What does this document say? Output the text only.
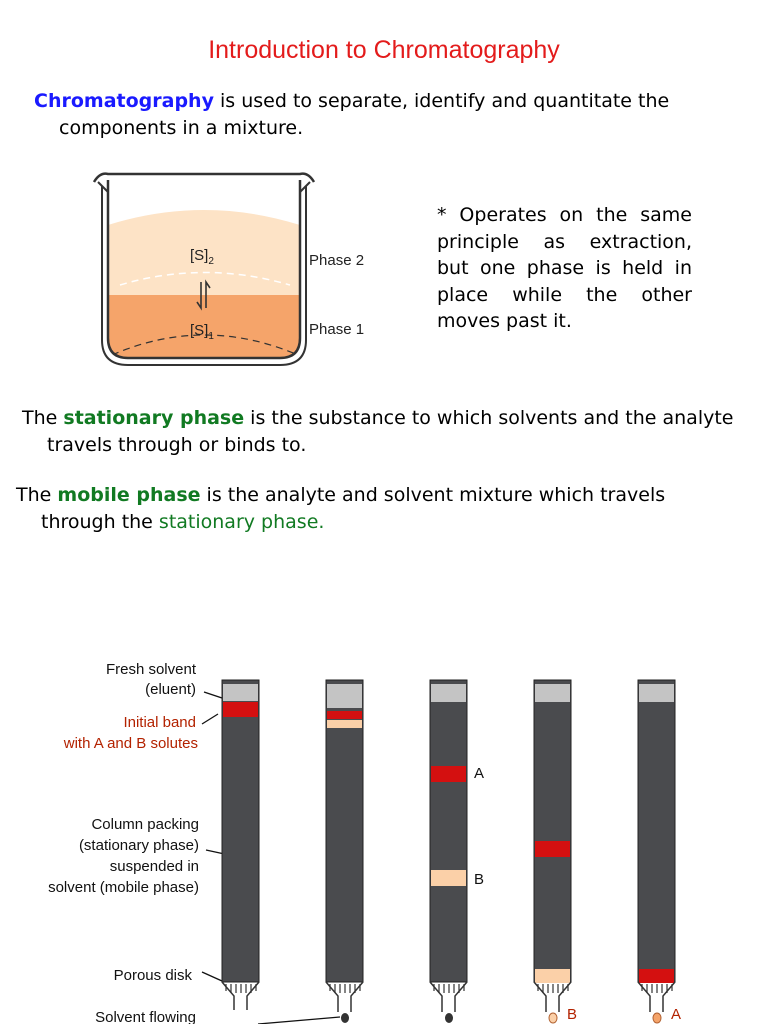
Introduction to Chromatography

Chromatography is used to separate, identify and quantitate the components in a mixture.

$[S]_2$
$[S]_1$
Phase 2
Phase 1

* Operates on the same principle as extraction, but one phase is held in place while the other moves past it.

The stationary phase is the substance to which solvents and the analyte travels through or binds to.

The mobile phase is the analyte and solvent mixture which travels through the stationary phase.

Fresh solvent
(eluent)
Initial band
with A and B solutes
Column packing
(stationary phase)
suspended in
solvent (mobile phase)
Porous disk
Solvent flowing
A
B
B	A
